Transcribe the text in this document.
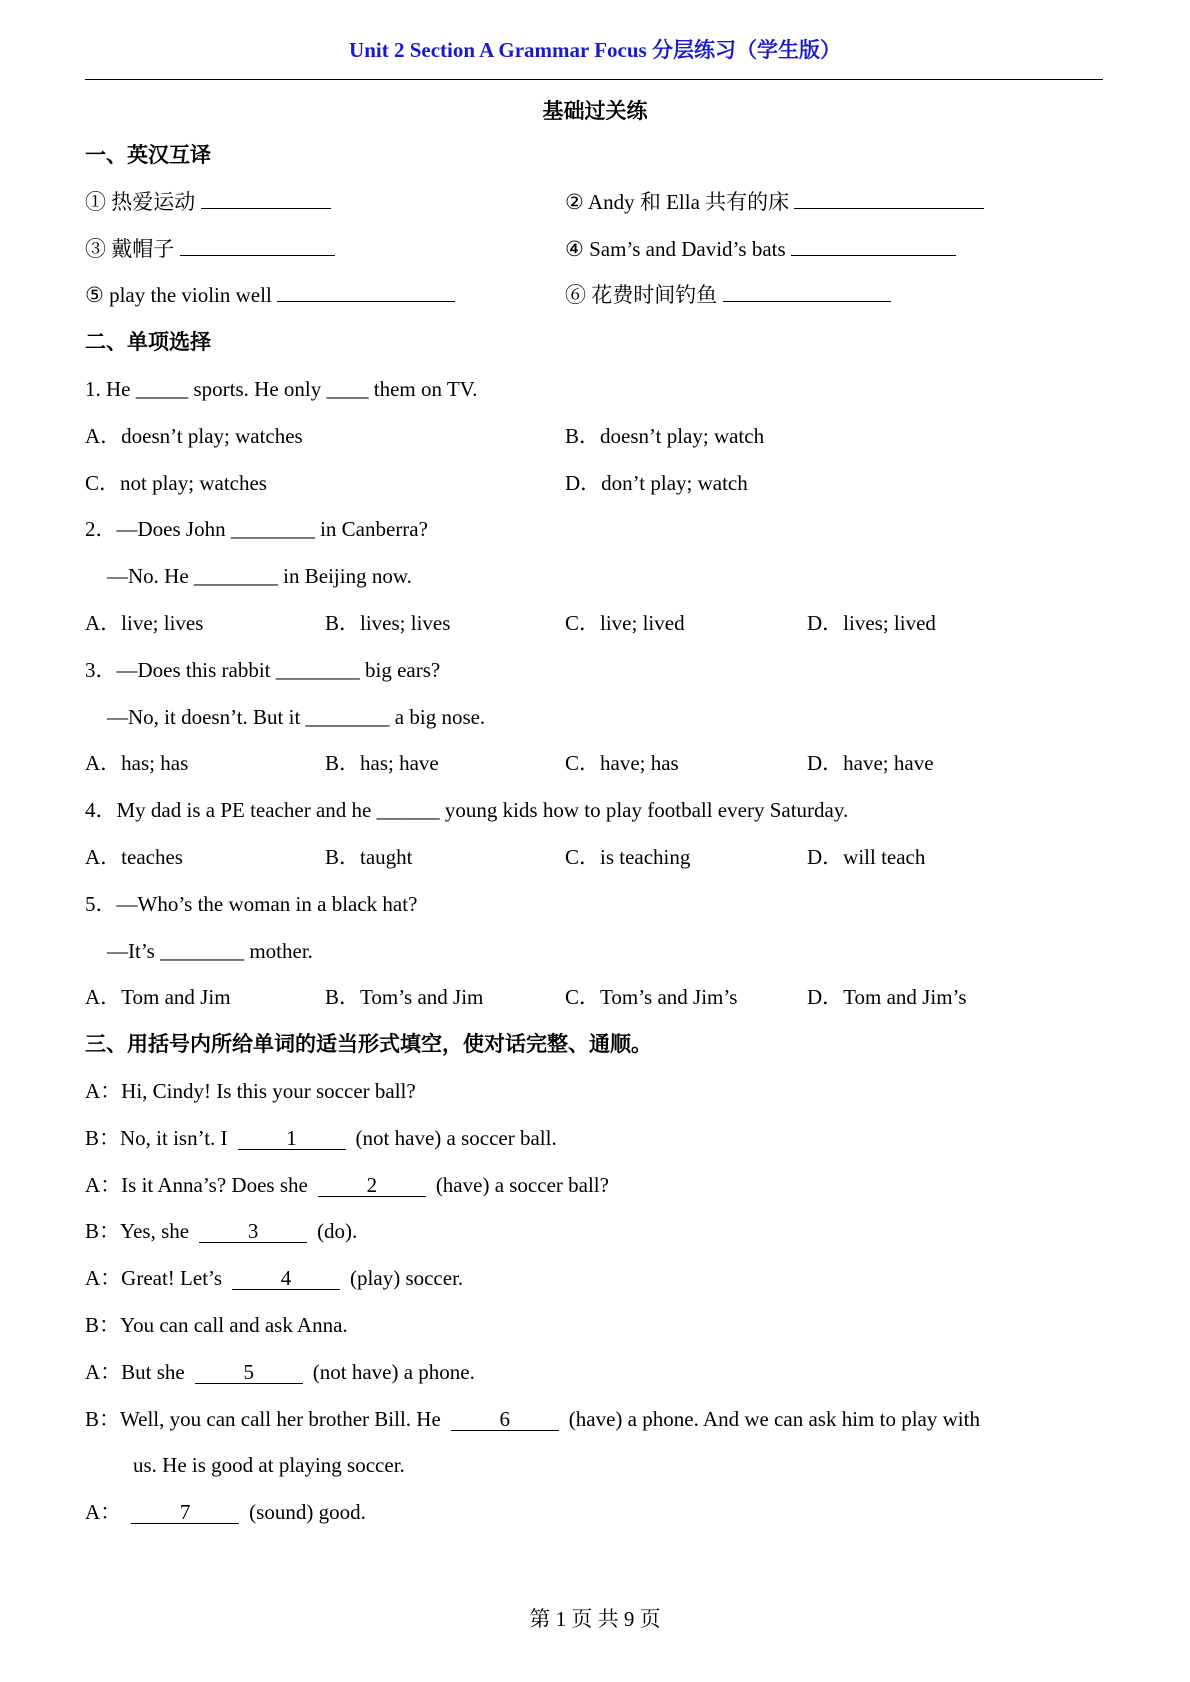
Unit 2 Section A Grammar Focus 分层练习（学生版）
基础过关练
一、英汉互译
① 热爱运动	② Andy 和 Ella 共有的床
③ 戴帽子	④ Sam’s and David’s bats
⑤ play the violin well	⑥ 花费时间钓鱼
二、单项选择
1. He _____ sports. He only ____ them on TV.
A．doesn’t play; watches	B．doesn’t play; watch
C．not play; watches	D．don’t play; watch
2．—Does John ________ in Canberra?
—No. He ________ in Beijing now.
A．live; lives	B．lives; lives	C．live; lived	D．lives; lived
3．—Does this rabbit ________ big ears?
—No, it doesn’t. But it ________ a big nose.
A．has; has	B．has; have	C．have; has	D．have; have
4．My dad is a PE teacher and he ______ young kids how to play football every Saturday.
A．teaches	B．taught	C．is teaching	D．will teach
5．—Who’s the woman in a black hat?
—It’s ________ mother.
A．Tom and Jim	B．Tom’s and Jim	C．Tom’s and Jim’s	D．Tom and Jim’s
三、用括号内所给单词的适当形式填空，使对话完整、通顺。
A：Hi, Cindy! Is this your soccer ball?
B：No, it isn’t. I	1	(not have) a soccer ball.
A：Is it Anna’s? Does she	2	(have) a soccer ball?
B：Yes, she	3	(do).
A：Great! Let’s	4	(play) soccer.
B：You can call and ask Anna.
A：But she	5	(not have) a phone.
B：Well, you can call her brother Bill. He	6	(have) a phone. And we can ask him to play with
us. He is good at playing soccer.
A：	7	(sound) good.
第 1 页 共 9 页
